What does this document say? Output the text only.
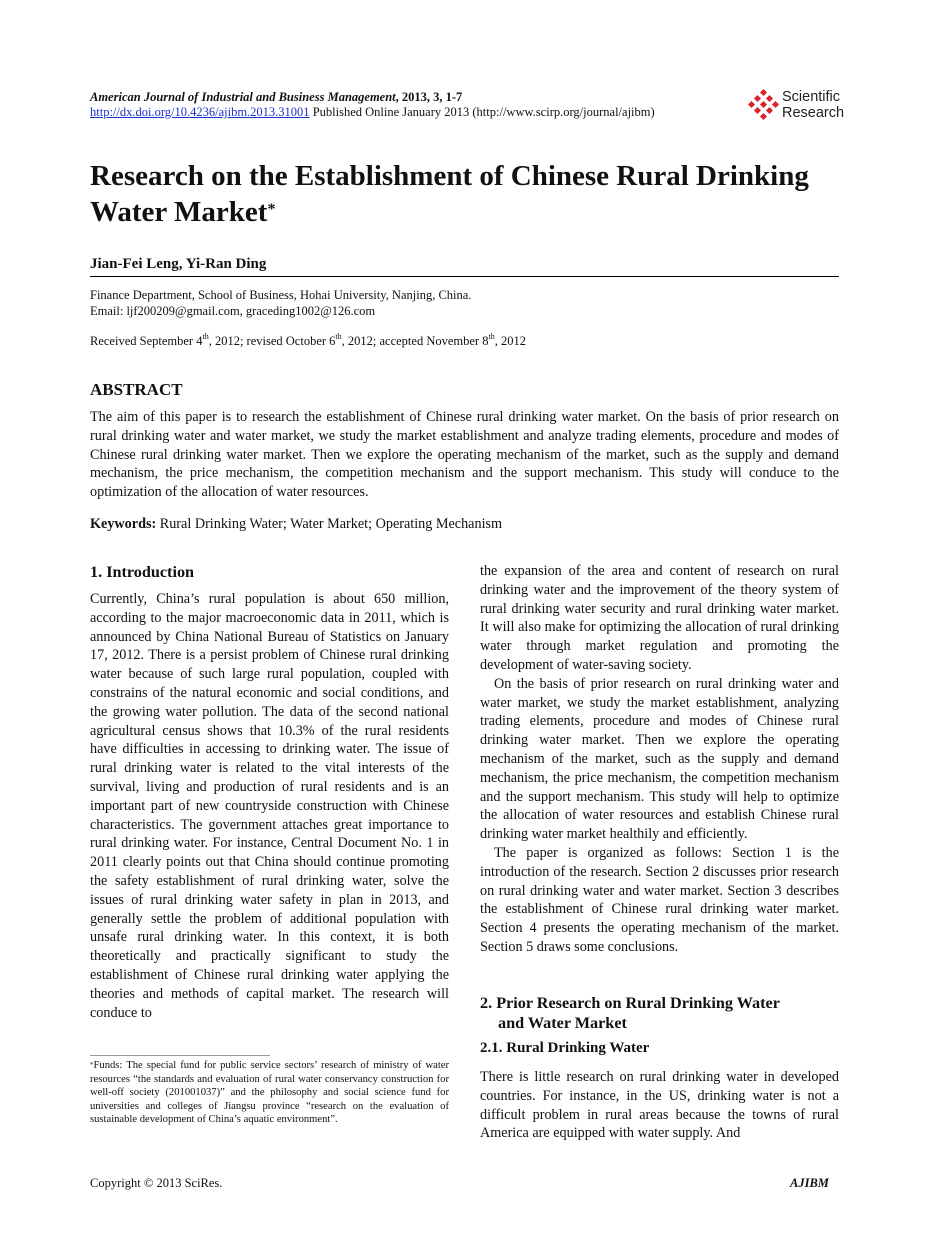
American Journal of Industrial and Business Management, 2013, 3, 1-7
http://dx.doi.org/10.4236/ajibm.2013.31001 Published Online January 2013 (http://www.scirp.org/journal/ajibm)
Scientific
Research
Research on the Establishment of Chinese Rural Drinking Water Market*
Jian-Fei Leng, Yi-Ran Ding
Finance Department, School of Business, Hohai University, Nanjing, China.
Email: ljf200209@gmail.com, graceding1002@126.com
Received September 4th, 2012; revised October 6th, 2012; accepted November 8th, 2012
ABSTRACT
The aim of this paper is to research the establishment of Chinese rural drinking water market. On the basis of prior research on rural drinking water and water market, we study the market establishment and analyze trading elements, procedure and modes of Chinese rural drinking water market. Then we explore the operating mechanism of the market, such as the supply and demand mechanism, the price mechanism, the competition mechanism and the support mechanism. This study will conduce to the optimization of the allocation of water resources.
Keywords: Rural Drinking Water; Water Market; Operating Mechanism
1. Introduction

Currently, China’s rural population is about 650 million, according to the major macroeconomic data in 2011, which is announced by China National Bureau of Statistics on January 17, 2012. There is a persist problem of Chinese rural drinking water because of such large rural population, coupled with constrains of the natural economic and social conditions, and the growing water pollution. The data of the second national agricultural census shows that 10.3% of the rural residents have difficulties in accessing to drinking water. The issue of rural drinking water is related to the vital interests of the survival, living and production of rural residents and is an important part of new countryside construction with Chinese characteristics. The government attaches great importance to rural drinking water. For instance, Central Document No. 1 in 2011 clearly points out that China should continue promoting the safety establishment of rural drinking water, solve the issues of rural drinking water safety in plan in 2013, and generally settle the problem of additional population with unsafe rural drinking water. In this context, it is both theoretically and practically significant to study the establishment of Chinese rural drinking water applying the theories and methods of capital market. The research will conduce to

*Funds: The special fund for public service sectors’ research of ministry of water resources “the standards and evaluation of rural water conservancy construction for well-off society (201001037)” and the philosophy and social science fund for universities and colleges of Jiangsu province “research on the evaluation of sustainable development of China’s aquatic environment”.

the expansion of the area and content of research on rural drinking water and the improvement of the theory system of rural drinking water security and rural drinking water market. It will also make for optimizing the allocation of rural drinking water through market regulation and promoting the development of water-saving society.

On the basis of prior research on rural drinking water and water market, we study the market establishment, analyzing trading elements, procedure and modes of Chinese rural drinking water market. Then we explore the operating mechanism of the market, such as the supply and demand mechanism, the price mechanism, the competition mechanism and the support mechanism. This study will help to optimize the allocation of water resources and establish Chinese rural drinking water market healthily and efficiently.

The paper is organized as follows: Section 1 is the introduction of the research. Section 2 discusses prior research on rural drinking water and water market. Section 3 describes the establishment of Chinese rural drinking water market. Section 4 presents the operating mechanism of the market. Section 5 draws some conclusions.

2. Prior Research on Rural Drinking Water
and Water Market
2.1. Rural Drinking Water

There is little research on rural drinking water in developed countries. For instance, in the US, drinking water is not a difficult problem in rural areas because the towns of rural America are equipped with water supply. And

Copyright © 2013 SciRes.	AJIBM
